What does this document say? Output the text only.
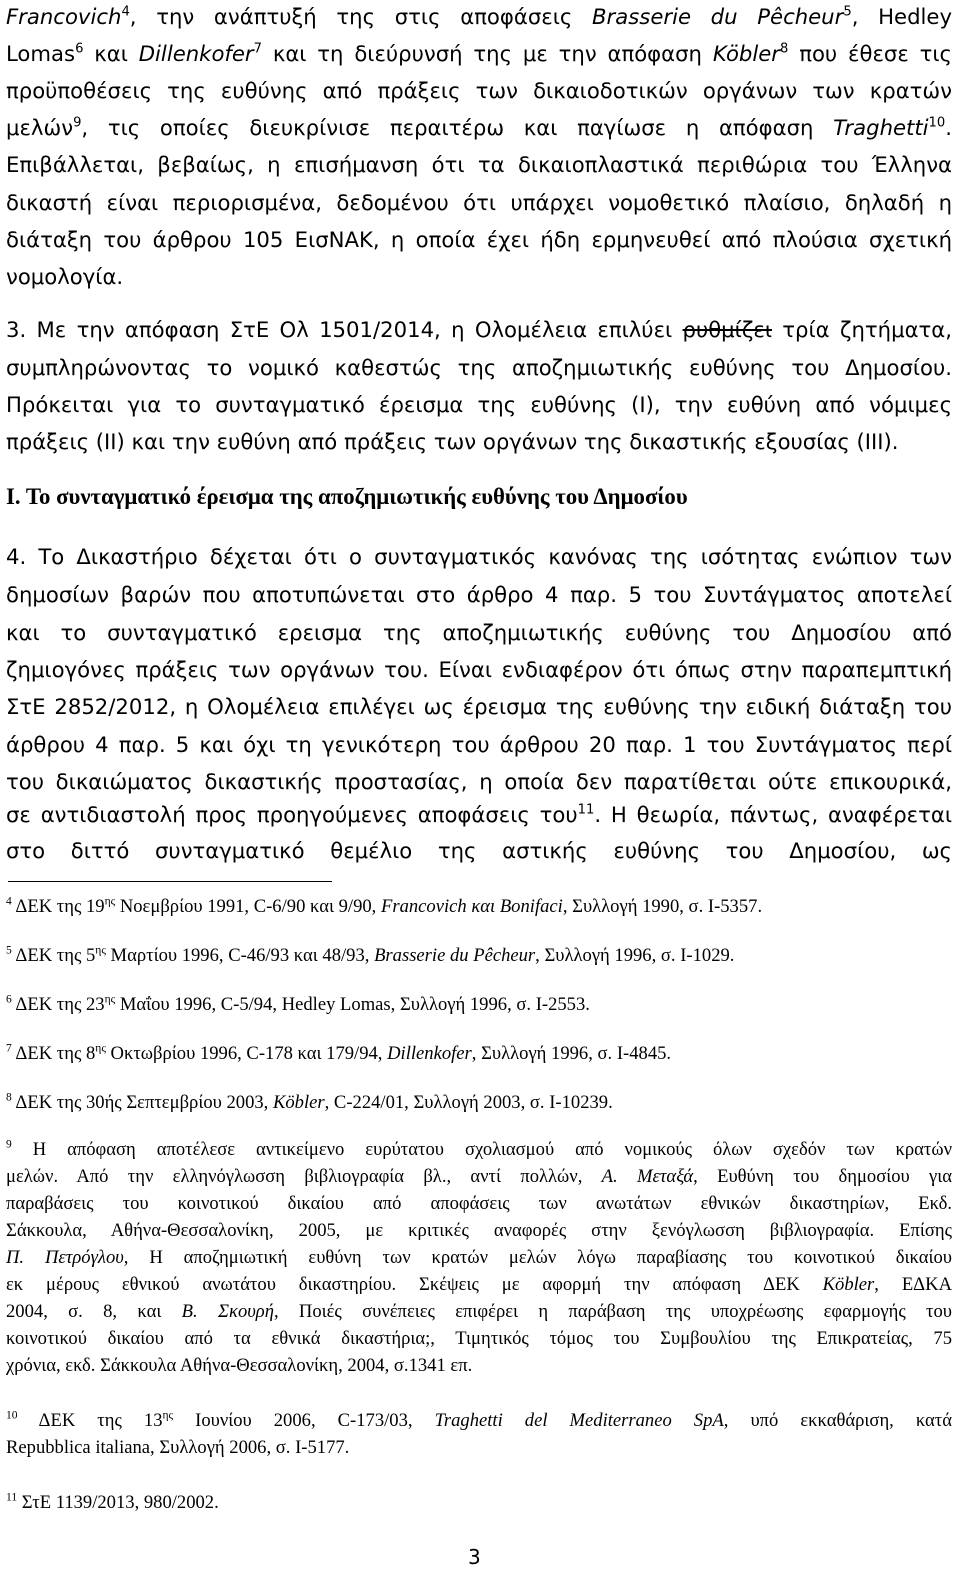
Francovich$^4$, την ανάπτυξή της στις αποφάσεις Brasserie du Pêcheur$^5$, Hedley

Lomas$^6$ και Dillenkofer$^7$ και τη διεύρυνσή της με την απόφαση Köbler$^8$ που έθεσε τις

προϋποθέσεις της ευθύνης από πράξεις των δικαιοδοτικών οργάνων των κρατών

μελών$^9$, τις οποίες διευκρίνισε περαιτέρω και παγίωσε η απόφαση Traghetti$^{10}$.

Επιβάλλεται, βεβαίως, η επισήμανση ότι τα δικαιοπλαστικά περιθώρια του Έλληνα

δικαστή είναι περιορισμένα, δεδομένου ότι υπάρχει νομοθετικό πλαίσιο, δηλαδή η

διάταξη του άρθρου 105 ΕισΝΑΚ, η οποία έχει ήδη ερμηνευθεί από πλούσια σχετική

νομολογία.

3. Με την απόφαση ΣτΕ Ολ 1501/2014, η Ολομέλεια επιλύει ρυθμίζει τρία ζητήματα,

συμπληρώνοντας το νομικό καθεστώς της αποζημιωτικής ευθύνης του Δημοσίου.

Πρόκειται για το συνταγματικό έρεισμα της ευθύνης (Ι), την ευθύνη από νόμιμες

πράξεις (ΙΙ) και την ευθύνη από πράξεις των οργάνων της δικαστικής εξουσίας (ΙΙΙ).

Ι. Το συνταγματικό έρεισμα της αποζημιωτικής ευθύνης του Δημοσίου

4. Το Δικαστήριο δέχεται ότι ο συνταγματικός κανόνας της ισότητας ενώπιον των

δημοσίων βαρών που αποτυπώνεται στο άρθρο 4 παρ. 5 του Συντάγματος αποτελεί

και το συνταγματικό ερεισμα της αποζημιωτικής ευθύνης του Δημοσίου από

ζημιογόνες πράξεις των οργάνων του. Είναι ενδιαφέρον ότι όπως στην παραπεμπτική

ΣτΕ 2852/2012, η Ολομέλεια επιλέγει ως έρεισμα της ευθύνης την ειδική διάταξη του

άρθρου 4 παρ. 5 και όχι τη γενικότερη του άρθρου 20 παρ. 1 του Συντάγματος περί

του δικαιώματος δικαστικής προστασίας, η οποία δεν παρατίθεται ούτε επικουρικά,

σε αντιδιαστολή προς προηγούμενες αποφάσεις του$^{11}$. Η θεωρία, πάντως, αναφέρεται

στο διττό συνταγματικό θεμέλιο της αστικής ευθύνης του Δημοσίου, ως

$^4$ ΔΕΚ της $19^{\eta\varsigma}$ Νοεμβρίου 1991, C-6/90 και 9/90, Francovich και Bonifaci, Συλλογή 1990, σ. Ι-5357.

$^5$ ΔΕΚ της $5^{\eta\varsigma}$ Μαρτίου 1996, C-46/93 και 48/93, Brasserie du Pêcheur, Συλλογή 1996, σ. Ι-1029.

$^6$ ΔΕΚ της $23^{\eta\varsigma}$ Μαΐου 1996, C-5/94, Hedley Lomas, Συλλογή 1996, σ. Ι-2553.

$^7$ ΔΕΚ της $8^{\eta\varsigma}$ Οκτωβρίου 1996, C-178 και 179/94, Dillenkofer, Συλλογή 1996, σ. Ι-4845.

$^8$ ΔΕΚ της 30ής Σεπτεμβρίου 2003, Köbler, C-224/01, Συλλογή 2003, σ. Ι-10239.

$^9$ Η απόφαση αποτέλεσε αντικείμενο ευρύτατου σχολιασμού από νομικούς όλων σχεδόν των κρατών

μελών. Από την ελληνόγλωσση βιβλιογραφία βλ., αντί πολλών, Α. Μεταξά, Ευθύνη του δημοσίου για

παραβάσεις του κοινοτικού δικαίου από αποφάσεις των ανωτάτων εθνικών δικαστηρίων, Εκδ.

Σάκκουλα, Αθήνα-Θεσσαλονίκη, 2005, με κριτικές αναφορές στην ξενόγλωσση βιβλιογραφία. Επίσης

Π. Πετρόγλου, Η αποζημιωτική ευθύνη των κρατών μελών λόγω παραβίασης του κοινοτικού δικαίου

εκ μέρους εθνικού ανωτάτου δικαστηρίου. Σκέψεις με αφορμή την απόφαση ΔΕΚ Köbler, ΕΔΚΑ

2004, σ. 8, και Β. Σκουρή, Ποιές συνέπειες επιφέρει η παράβαση της υποχρέωσης εφαρμογής του

κοινοτικού δικαίου από τα εθνικά δικαστήρια;, Τιμητικός τόμος του Συμβουλίου της Επικρατείας, 75

χρόνια, εκδ. Σάκκουλα Αθήνα-Θεσσαλονίκη, 2004, σ.1341 επ.

$^{10}$ ΔΕΚ της $13^{\eta\varsigma}$ Ιουνίου 2006, C-173/03, Traghetti del Mediterraneo SpA, υπό εκκαθάριση, κατά

Repubblica italiana, Συλλογή 2006, σ. Ι-5177.

$^{11}$ ΣτΕ 1139/2013, 980/2002.

3
